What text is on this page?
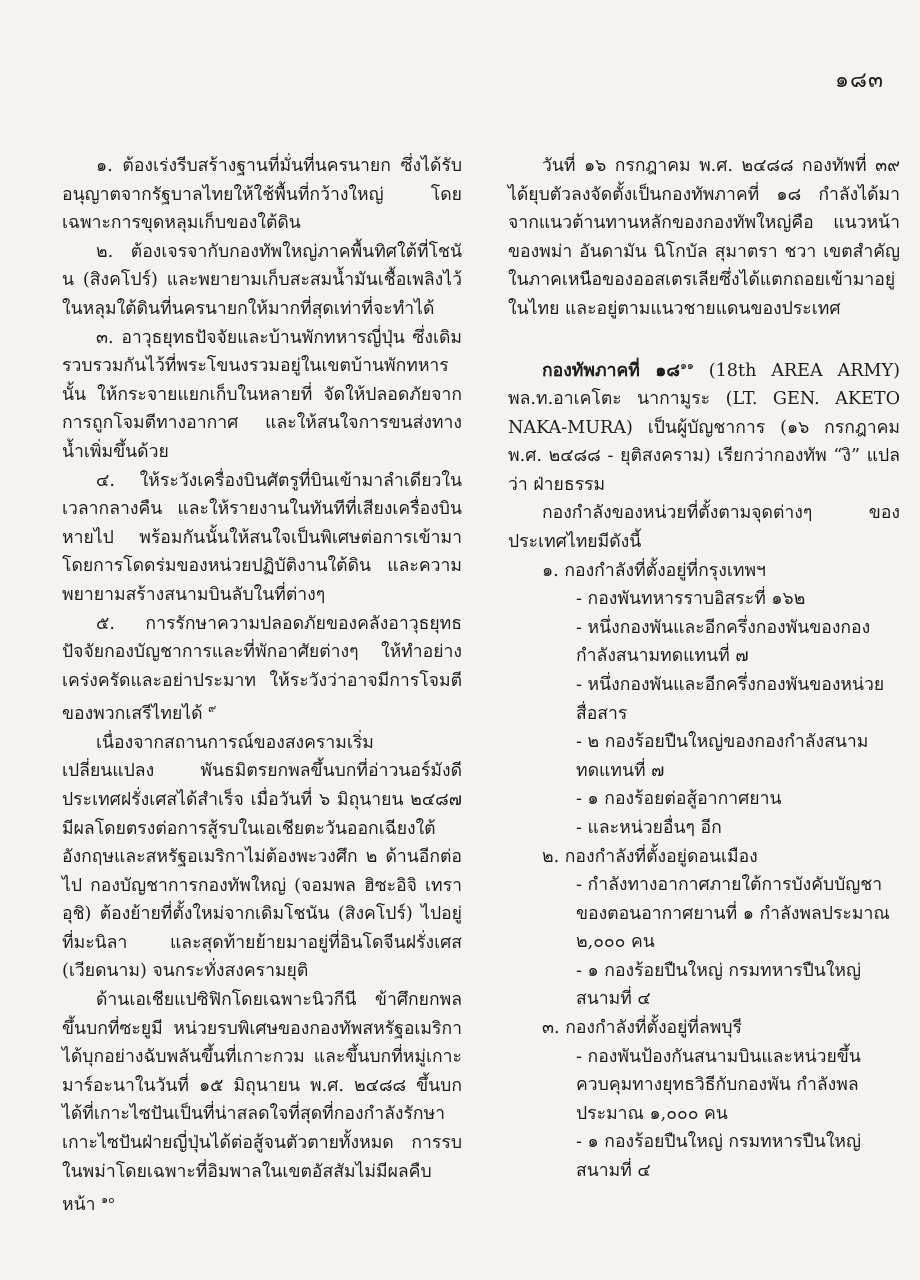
๑๘๓

๑. ต้องเร่งรีบสร้างฐานที่มั่นที่นครนายก ซึ่งได้รับอนุญาตจากรัฐบาลไทยให้ใช้พื้นที่กว้างใหญ่ โดยเฉพาะการขุดหลุมเก็บของใต้ดิน

๒. ต้องเจรจากับกองทัพใหญ่ภาคพื้นทิศใต้ที่โชนัน (สิงคโปร์) และพยายามเก็บสะสมน้ำมันเชื้อเพลิงไว้ในหลุมใต้ดินที่นครนายกให้มากที่สุดเท่าที่จะทำได้

๓. อาวุธยุทธปัจจัยและบ้านพักทหารญี่ปุ่น ซึ่งเดิมรวบรวมกันไว้ที่พระโขนงรวมอยู่ในเขตบ้านพักทหารนั้น ให้กระจายแยกเก็บในหลายที่ จัดให้ปลอดภัยจากการถูกโจมตีทางอากาศ และให้สนใจการขนส่งทางน้ำเพิ่มขึ้นด้วย

๔. ให้ระวังเครื่องบินศัตรูที่บินเข้ามาลำเดียวในเวลากลางคืน และให้รายงานในทันทีที่เสียงเครื่องบินหายไป พร้อมกันนั้นให้สนใจเป็นพิเศษต่อการเข้ามาโดยการโดดร่มของหน่วยปฏิบัติงานใต้ดิน และความพยายามสร้างสนามบินลับในที่ต่างๆ

๕. การรักษาความปลอดภัยของคลังอาวุธยุทธปัจจัยกองบัญชาการและที่พักอาศัยต่างๆ ให้ทำอย่างเคร่งครัดและอย่าประมาท ให้ระวังว่าอาจมีการโจมตีของพวกเสรีไทยได้ $^๙$

เนื่องจากสถานการณ์ของสงครามเริ่มเปลี่ยนแปลง พันธมิตรยกพลขึ้นบกที่อ่าวนอร์มังดีประเทศฝรั่งเศสได้สำเร็จ เมื่อวันที่ ๖ มิถุนายน ๒๔๘๗ มีผลโดยตรงต่อการสู้รบในเอเชียตะวันออกเฉียงใต้ อังกฤษและสหรัฐอเมริกาไม่ต้องพะวงศึก ๒ ด้านอีกต่อไป กองบัญชาการกองทัพใหญ่ (จอมพล ฮิซะอิจิ เทราอุชิ) ต้องย้ายที่ตั้งใหม่จากเดิมโชนัน (สิงคโปร์) ไปอยู่ที่มะนิลา และสุดท้ายย้ายมาอยู่ที่อินโดจีนฝรั่งเศส (เวียดนาม) จนกระทั่งสงครามยุติ

ด้านเอเชียแปซิฟิกโดยเฉพาะนิวกีนี ข้าศึกยกพลขึ้นบกที่ซะยูมี หน่วยรบพิเศษของกองทัพสหรัฐอเมริกาได้บุกอย่างฉับพลันขึ้นที่เกาะกวม และขึ้นบกที่หมู่เกาะมาร์อะนาในวันที่ ๑๕ มิถุนายน พ.ศ. ๒๔๘๘ ขึ้นบกได้ที่เกาะไซปันเป็นที่น่าสลดใจที่สุดที่กองกำลังรักษาเกาะไซปันฝ่ายญี่ปุ่นได้ต่อสู้จนตัวตายทั้งหมด การรบในพม่าโดยเฉพาะที่อิมพาลในเขตอัสสัมไม่มีผลคืบหน้า $^{๑๐}$

วันที่ ๑๖ กรกฎาคม พ.ศ. ๒๔๘๘ กองทัพที่ ๓๙ ได้ยุบตัวลงจัดตั้งเป็นกองทัพภาคที่ ๑๘ กำลังได้มาจากแนวต้านทานหลักของกองทัพใหญ่คือ แนวหน้าของพม่า อันดามัน นิโกบัล สุมาตรา ชวา เขตสำคัญในภาคเหนือของออสเตรเลียซึ่งได้แตกถอยเข้ามาอยู่ในไทย และอยู่ตามแนวชายแดนของประเทศ

กองทัพภาคที่ ๑๘$^{๑๑}$ (18th AREA ARMY) พล.ท.อาเคโตะ นากามูระ (LT. GEN. AKETO NAKA-MURA) เป็นผู้บัญชาการ (๑๖ กรกฎาคม พ.ศ. ๒๔๘๘ - ยุติสงคราม) เรียกว่ากองทัพ “งิ” แปลว่า ฝ่ายธรรม

กองกำลังของหน่วยที่ตั้งตามจุดต่างๆ ของประเทศไทยมีดังนี้

๑. กองกำลังที่ตั้งอยู่ที่กรุงเทพฯ

- กองพันทหารราบอิสระที่ ๑๖๒

- หนึ่งกองพันและอีกครึ่งกองพันของกองกำลังสนามทดแทนที่ ๗

- หนึ่งกองพันและอีกครึ่งกองพันของหน่วยสื่อสาร

- ๒ กองร้อยปืนใหญ่ของกองกำลังสนามทดแทนที่ ๗

- ๑ กองร้อยต่อสู้อากาศยาน

- และหน่วยอื่นๆ อีก

๒. กองกำลังที่ตั้งอยู่ดอนเมือง

- กำลังทางอากาศภายใต้การบังคับบัญชาของตอนอากาศยานที่ ๑ กำลังพลประมาณ ๒,๐๐๐ คน

- ๑ กองร้อยปืนใหญ่ กรมทหารปืนใหญ่สนามที่ ๔

๓. กองกำลังที่ตั้งอยู่ที่ลพบุรี

- กองพันป้องกันสนามบินและหน่วยขึ้นควบคุมทางยุทธวิธีกับกองพัน กำลังพลประมาณ ๑,๐๐๐ คน

- ๑ กองร้อยปืนใหญ่ กรมทหารปืนใหญ่สนามที่ ๔
